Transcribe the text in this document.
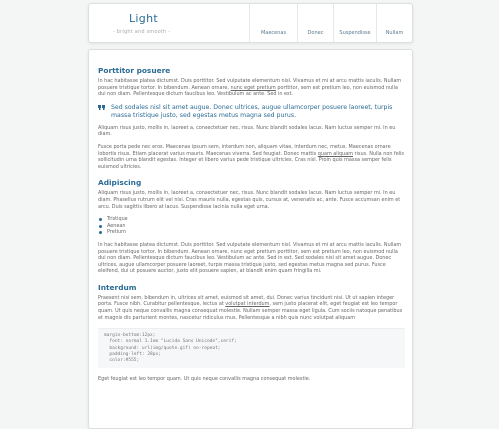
Light
- bright and smooth -	Maecenas	Donec	Suspendisse	Nullam
Porttitor posuere

In hac habitasse platea dictumst. Duis porttitor. Sed vulputate elementum nisl. Vivamus et mi at arcu mattis iaculis. Nullam posuere tristique tortor. In bibendum. Aenean ornare, nunc eget pretium porttitor, sem est pretium leo, non euismod nulla dui non diam. Pellentesque dictum faucibus leo. Vestibulum ac ante. Sed in est.

Sed sodales nisl sit amet augue. Donec ultrices, augue ullamcorper posuere laoreet, turpis massa tristique justo, sed egestas metus magna sed purus.

Aliquam risus justo, mollis in, laoreet a, consectetuer nec, risus. Nunc blandit sodales lacus. Nam luctus semper mi. In eu diam.

Fusce porta pede nec eros. Maecenas ipsum sem, interdum non, aliquam vitae, interdum nec, metus. Maecenas ornare lobortis risus. Etiam placerat varius mauris. Maecenas viverra. Sed feugiat. Donec mattis quam aliquam risus. Nulla non felis sollicitudin urna blandit egestas. Integer et libero varius pede tristique ultricies. Cras nisl. Proin quis massa semper felis euismod ultricies.

Adipiscing

Aliquam risus justo, mollis in, laoreet a, consectetuer nec, risus. Nunc blandit sodales lacus. Nam luctus semper mi. In eu diam. Phasellus rutrum elit vel nisi. Cras mauris nulla, egestas quis, cursus at, venenatis ac, ante. Fusce accumsan enim et arcu. Duis sagittis libero at lacus. Suspendisse lacinia nulla eget urna.

Tristique
Aenean
Pretium

In hac habitasse platea dictumst. Duis porttitor. Sed vulputate elementum nisl. Vivamus et mi at arcu mattis iaculis. Nullam posuere tristique tortor. In bibendum. Aenean ornare, nunc eget pretium porttitor, sem est pretium leo, non euismod nulla dui non diam. Pellentesque dictum faucibus leo. Vestibulum ac ante. Sed in est. Sed sodales nisl sit amet augue. Donec ultrices, augue ullamcorper posuere laoreet, turpis massa tristique justo, sed egestas metus magna sed purus. Fusce eleifend, dui ut posuere auctor, justo elit posuere sapien, at blandit enim quam fringilla mi.

Interdum

Praesent nisi sem, bibendum in, ultrices sit amet, euismod sit amet, dui. Donec varius tincidunt nisi. Ut ut sapien integer porta. Fusce nibh. Curabitur pellentesque, lectus at volutpat interdum, sem justo placerat elit, eget feugiat est leo tempor quam. Ut quis neque convallis magna consequat molestie. Nullam semper massa eget ligula. Cum sociis natoque penatibus et magnis dis parturient montes, nascetur ridiculus mus. Pellentesque a nibh quis nunc volutpat aliquam

margin-bottom:12px;
font: normal 1.1em "Lucida Sans Unicode",serif;
background: url(img/quote.gif) no-repeat;
padding-left: 28px;
color:#555;

Eget feugiat est leo tempor quam. Ut quis neque convallis magna consequat molestie.
